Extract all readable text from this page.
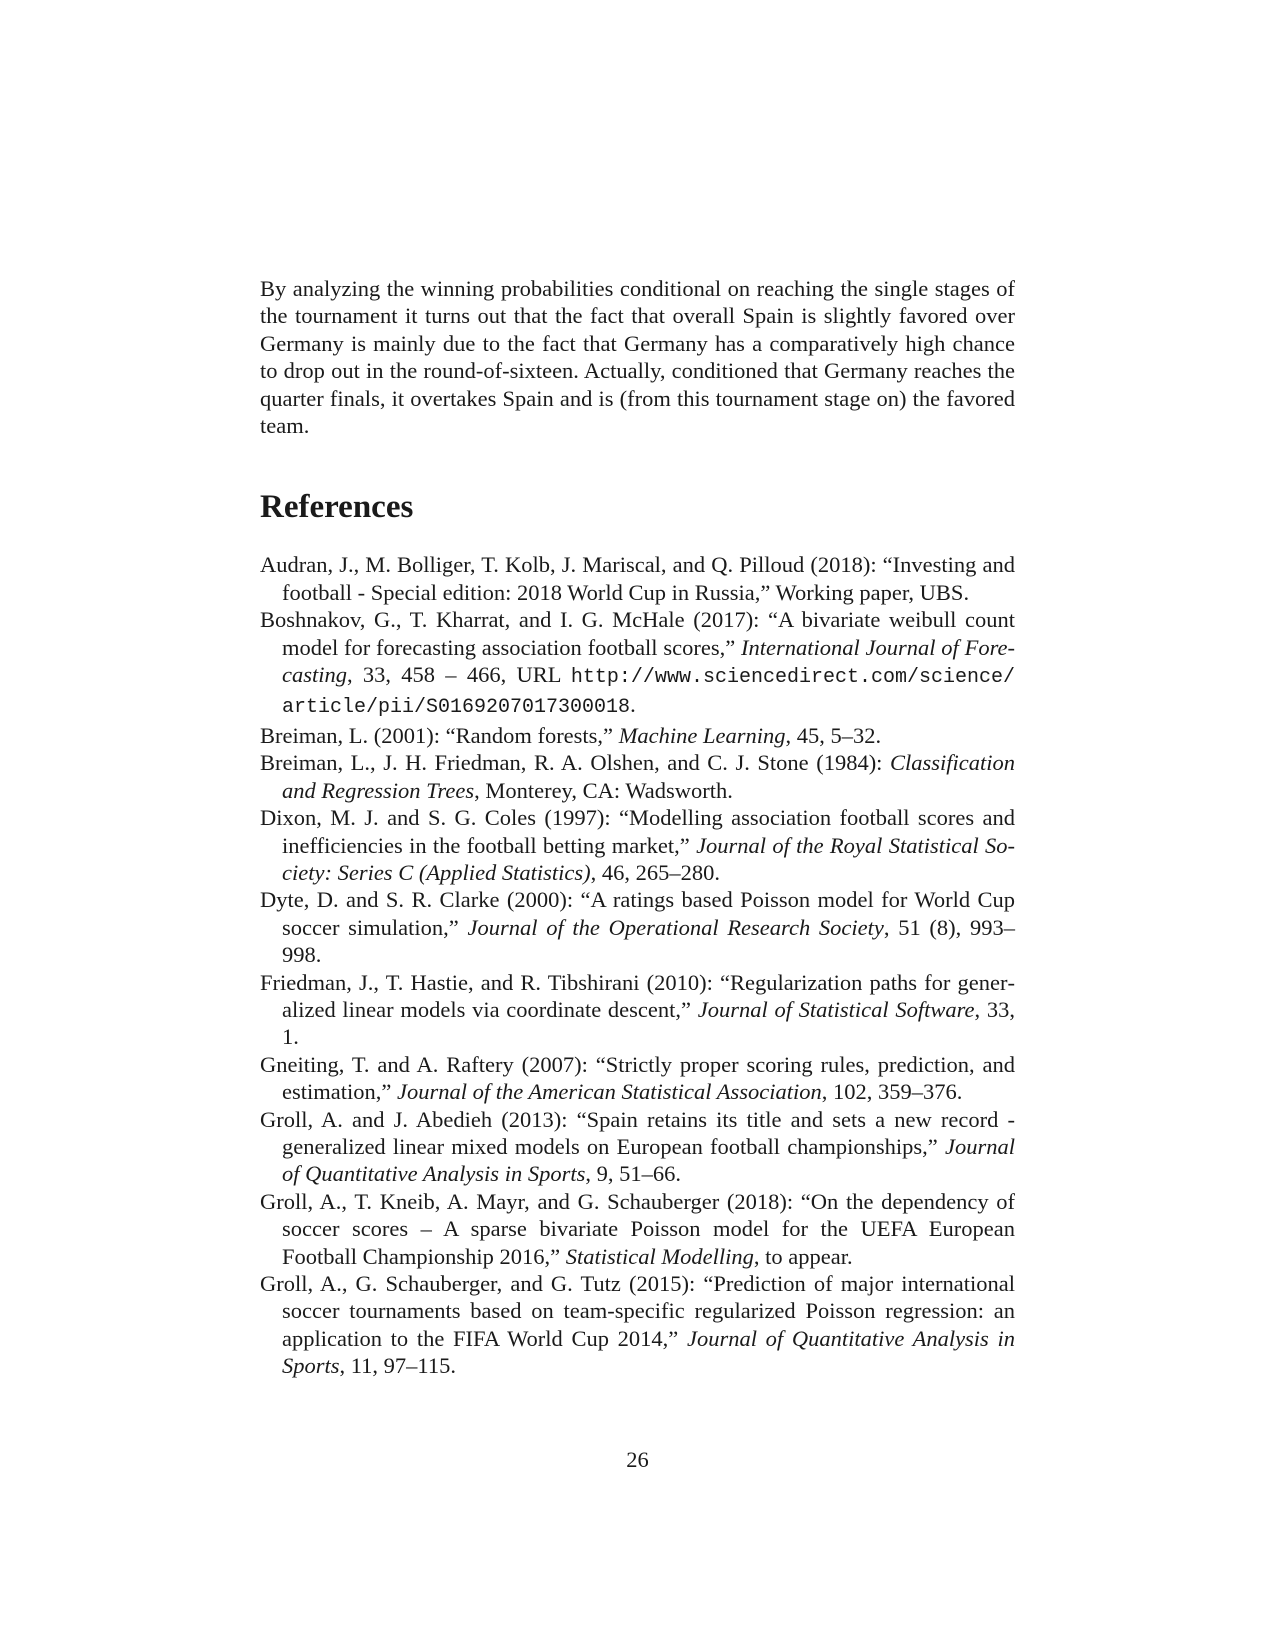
By analyzing the winning probabilities conditional on reaching the single stages of the tournament it turns out that the fact that overall Spain is slightly favored over Germany is mainly due to the fact that Germany has a comparatively high chance to drop out in the round-of-sixteen. Actually, conditioned that Germany reaches the quarter finals, it overtakes Spain and is (from this tournament stage on) the favored team.

References

Audran, J., M. Bolliger, T. Kolb, J. Mariscal, and Q. Pilloud (2018): “Investing and football - Special edition: 2018 World Cup in Russia,” Working paper, UBS.

Boshnakov, G., T. Kharrat, and I. G. McHale (2017): “A bivariate weibull count model for forecasting association football scores,” International Journal of Forecasting, 33, 458 – 466, URL http://www.sciencedirect.com/science/​article/pii/S0169207017300018.

Breiman, L. (2001): “Random forests,” Machine Learning, 45, 5–32.

Breiman, L., J. H. Friedman, R. A. Olshen, and C. J. Stone (1984): Classification and Regression Trees, Monterey, CA: Wadsworth.

Dixon, M. J. and S. G. Coles (1997): “Modelling association football scores and inefficiencies in the football betting market,” Journal of the Royal Statistical Society: Series C (Applied Statistics), 46, 265–280.

Dyte, D. and S. R. Clarke (2000): “A ratings based Poisson model for World Cup soccer simulation,” Journal of the Operational Research Society, 51 (8), 993–998.

Friedman, J., T. Hastie, and R. Tibshirani (2010): “Regularization paths for generalized linear models via coordinate descent,” Journal of Statistical Software, 33, 1.

Gneiting, T. and A. Raftery (2007): “Strictly proper scoring rules, prediction, and estimation,” Journal of the American Statistical Association, 102, 359–376.

Groll, A. and J. Abedieh (2013): “Spain retains its title and sets a new record - generalized linear mixed models on European football championships,” Journal of Quantitative Analysis in Sports, 9, 51–66.

Groll, A., T. Kneib, A. Mayr, and G. Schauberger (2018): “On the dependency of soccer scores – A sparse bivariate Poisson model for the UEFA European Football Championship 2016,” Statistical Modelling, to appear.

Groll, A., G. Schauberger, and G. Tutz (2015): “Prediction of major international soccer tournaments based on team-specific regularized Poisson regression: an application to the FIFA World Cup 2014,” Journal of Quantitative Analysis in Sports, 11, 97–115.

26
